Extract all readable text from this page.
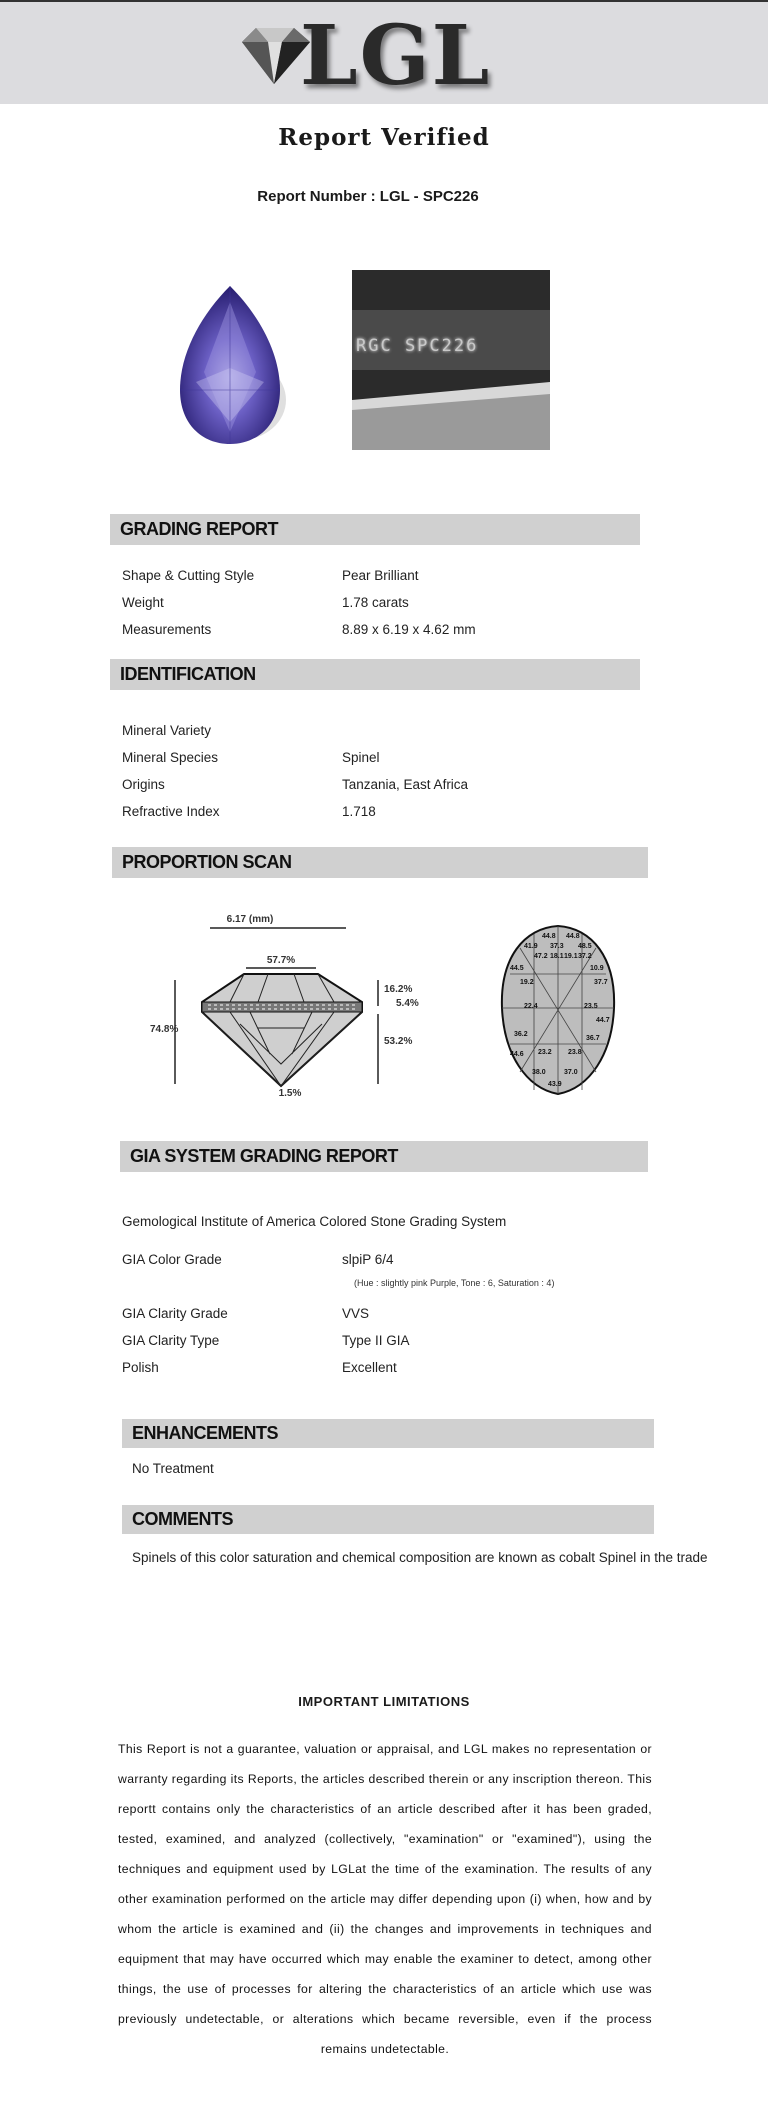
LGL
Report Verified
Report Number : LGL - SPC226
RGC SPC226
GRADING REPORT
Shape & Cutting Style	Pear Brilliant
Weight	1.78 carats
Measurements	8.89 x 6.19 x 4.62 mm
IDENTIFICATION
Mineral Variety
Mineral Species	Spinel
Origins	Tanzania, East Africa
Refractive Index	1.718
PROPORTION SCAN
6.17 (mm)
57.7%
74.8%
16.2%
5.4%
53.2%
1.5%
44.8 44.8
41.9	48.5
37.3
47.2 18.1 19.1 37.2
44.5	10.9
37.7
19.2
23.5
22.4
44.7
36.7
36.2
23.2 23.8
44.6
38.0	37.0
43.9
GIA SYSTEM GRADING REPORT
Gemological Institute of America Colored Stone Grading System
GIA Color Grade	slpiP 6/4
(Hue : slightly pink Purple, Tone : 6, Saturation : 4)
GIA Clarity Grade	VVS
GIA Clarity Type	Type II GIA
Polish	Excellent
ENHANCEMENTS
No Treatment
COMMENTS
Spinels of this color saturation and chemical composition are known as cobalt Spinel in the trade
IMPORTANT LIMITATIONS
This Report is not a guarantee, valuation or appraisal, and LGL makes no representation or warranty regarding its Reports, the articles described therein or any inscription thereon. This reportt contains only the characteristics of an article described after it has been graded, tested, examined, and analyzed (collectively, "examination" or "examined"), using the techniques and equipment used by LGLat the time of the examination. The results of any other examination performed on the article may differ depending upon (i) when, how and by whom the article is examined and (ii) the changes and improvements in techniques and equipment that may have occurred which may enable the examiner to detect, among other things, the use of processes for altering the characteristics of an article which use was previously undetectable, or alterations which became reversible, even if the process remains undetectable.
